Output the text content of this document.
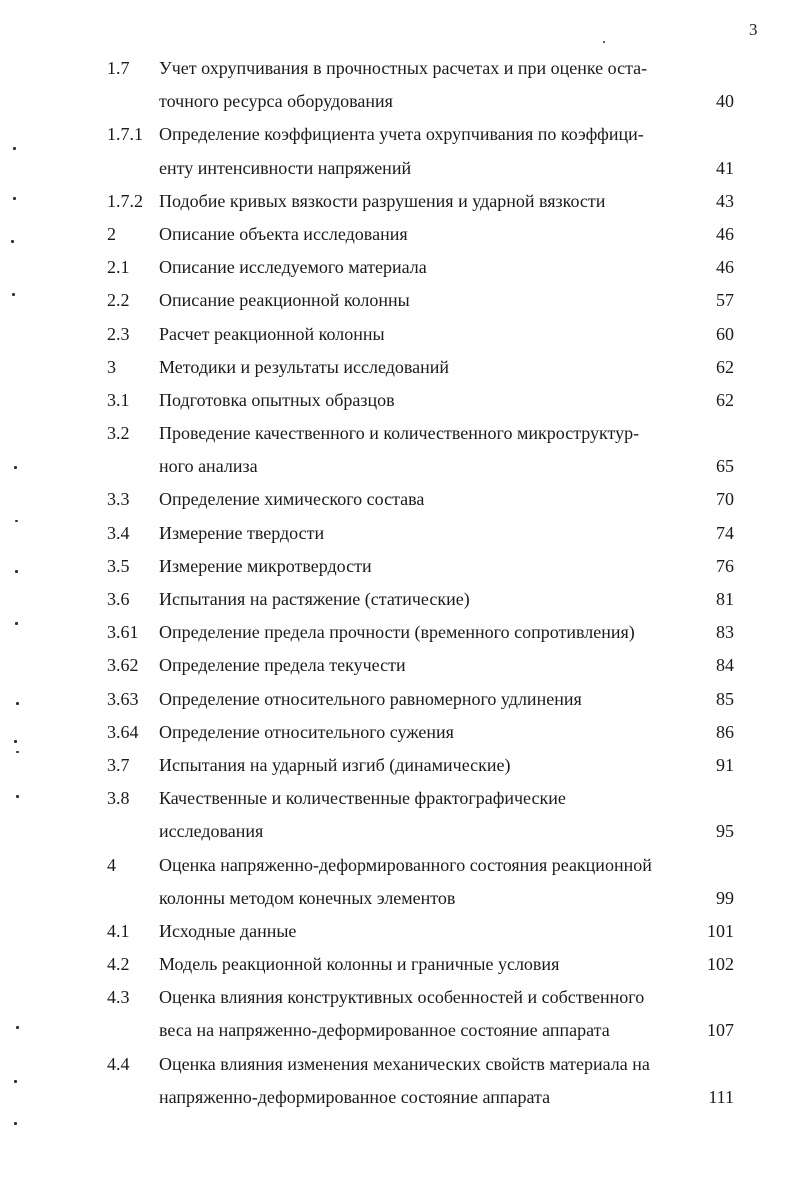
3
1.7 Учет охрупчивания в прочностных расчетах и при оценке оста-
точного ресурса оборудования	40
1.7.1 Определение коэффициента учета охрупчивания по коэффици-
енту интенсивности напряжений	41
1.7.2 Подобие кривых вязкости разрушения и ударной вязкости	43
2 Описание объекта исследования	46
2.1 Описание исследуемого материала	46
2.2 Описание реакционной колонны	57
2.3 Расчет реакционной колонны	60
3 Методики и результаты исследований	62
3.1 Подготовка опытных образцов	62
3.2 Проведение качественного и количественного микроструктур-
ного анализа	65
3.3 Определение химического состава	70
3.4 Измерение твердости	74
3.5 Измерение микротвердости	76
3.6 Испытания на растяжение (статические)	81
3.61 Определение предела прочности (временного сопротивления)	83
3.62 Определение предела текучести	84
3.63 Определение относительного равномерного удлинения	85
3.64 Определение относительного сужения	86
3.7 Испытания на ударный изгиб (динамические)	91
3.8 Качественные и количественные фрактографические
исследования	95
4 Оценка напряженно-деформированного состояния реакционной
колонны методом конечных элементов	99
4.1 Исходные данные	101
4.2 Модель реакционной колонны и граничные условия	102
4.3 Оценка влияния конструктивных особенностей и собственного
веса на напряженно-деформированное состояние аппарата	107
4.4 Оценка влияния изменения механических свойств материала на
напряженно-деформированное состояние аппарата	111
